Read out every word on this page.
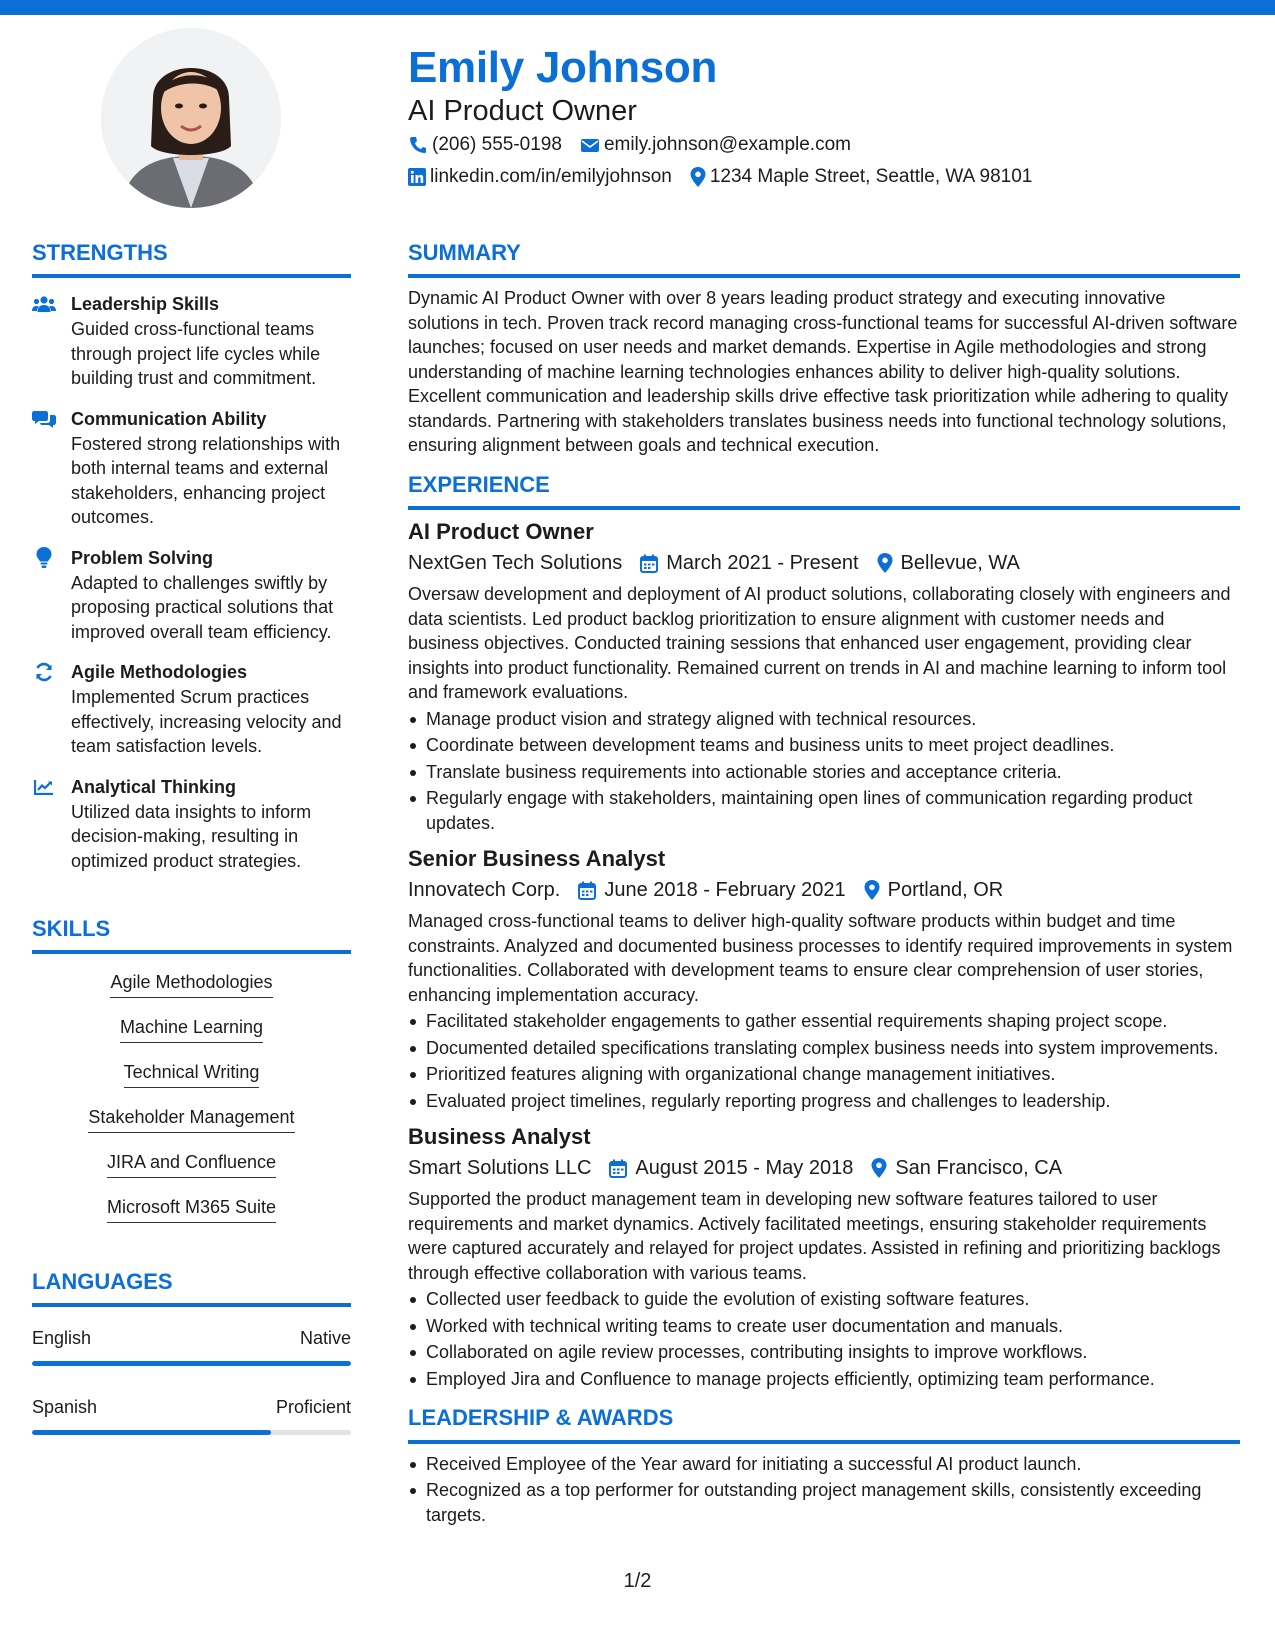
Emily Johnson
AI Product Owner
(206) 555-0198 emily.johnson@example.com
linkedin.com/in/emilyjohnson 1234 Maple Street, Seattle, WA 98101
STRENGTHS
Leadership Skills
Guided cross-functional teams through project life cycles while building trust and commitment.
Communication Ability
Fostered strong relationships with both internal teams and external stakeholders, enhancing project outcomes.
Problem Solving
Adapted to challenges swiftly by proposing practical solutions that improved overall team efficiency.
Agile Methodologies
Implemented Scrum practices effectively, increasing velocity and team satisfaction levels.
Analytical Thinking
Utilized data insights to inform decision-making, resulting in optimized product strategies.
SKILLS
Agile Methodologies
Machine Learning
Technical Writing
Stakeholder Management
JIRA and Confluence
Microsoft M365 Suite
LANGUAGES
English	Native
Spanish	Proficient
SUMMARY
Dynamic AI Product Owner with over 8 years leading product strategy and executing innovative solutions in tech. Proven track record managing cross-functional teams for successful AI-driven software launches; focused on user needs and market demands. Expertise in Agile methodologies and strong understanding of machine learning technologies enhances ability to deliver high-quality solutions. Excellent communication and leadership skills drive effective task prioritization while adhering to quality standards. Partnering with stakeholders translates business needs into functional technology solutions, ensuring alignment between goals and technical execution.
EXPERIENCE
AI Product Owner
NextGen Tech Solutions March 2021 - Present Bellevue, WA
Oversaw development and deployment of AI product solutions, collaborating closely with engineers and data scientists. Led product backlog prioritization to ensure alignment with customer needs and business objectives. Conducted training sessions that enhanced user engagement, providing clear insights into product functionality. Remained current on trends in AI and machine learning to inform tool and framework evaluations.
Manage product vision and strategy aligned with technical resources.
Coordinate between development teams and business units to meet project deadlines.
Translate business requirements into actionable stories and acceptance criteria.
Regularly engage with stakeholders, maintaining open lines of communication regarding product updates.
Senior Business Analyst
Innovatech Corp. June 2018 - February 2021 Portland, OR
Managed cross-functional teams to deliver high-quality software products within budget and time constraints. Analyzed and documented business processes to identify required improvements in system functionalities. Collaborated with development teams to ensure clear comprehension of user stories, enhancing implementation accuracy.
Facilitated stakeholder engagements to gather essential requirements shaping project scope.
Documented detailed specifications translating complex business needs into system improvements.
Prioritized features aligning with organizational change management initiatives.
Evaluated project timelines, regularly reporting progress and challenges to leadership.
Business Analyst
Smart Solutions LLC August 2015 - May 2018 San Francisco, CA
Supported the product management team in developing new software features tailored to user requirements and market dynamics. Actively facilitated meetings, ensuring stakeholder requirements were captured accurately and relayed for project updates. Assisted in refining and prioritizing backlogs through effective collaboration with various teams.
Collected user feedback to guide the evolution of existing software features.
Worked with technical writing teams to create user documentation and manuals.
Collaborated on agile review processes, contributing insights to improve workflows.
Employed Jira and Confluence to manage projects efficiently, optimizing team performance.
LEADERSHIP & AWARDS
Received Employee of the Year award for initiating a successful AI product launch.
Recognized as a top performer for outstanding project management skills, consistently exceeding targets.
1/2
